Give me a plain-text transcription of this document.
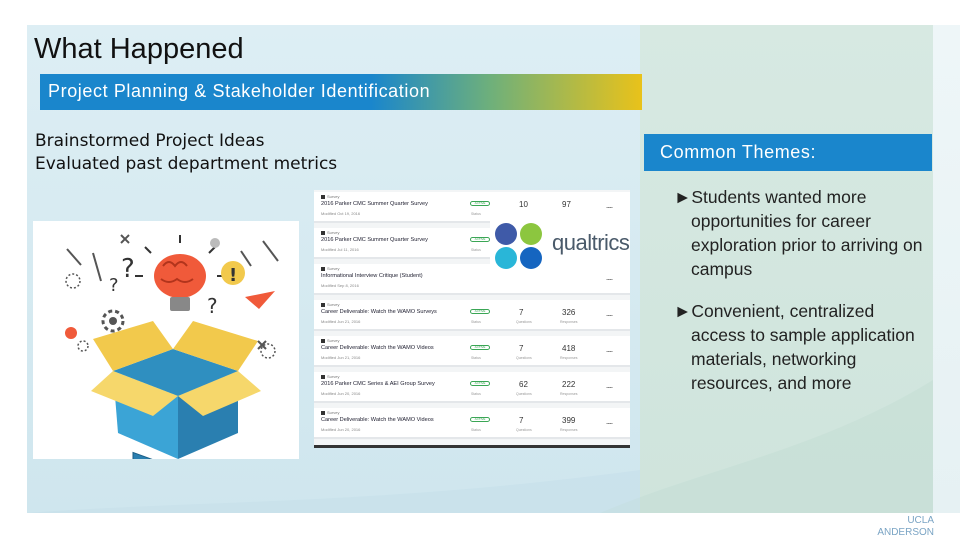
What Happened
Project Planning & Stakeholder Identification
Brainstormed Project Ideas
Evaluated past department metrics
?
?
?
!
Survey
2016 Parker CMC Summer Quarter Survey
Modified Oct 19, 2016
ACTIVE
Status
10	97	.........
Survey
2016 Parker CMC Summer Quarter Survey
Modified Jul 11, 2016
ACTIVE
Status
Survey
Informational Interview Critique (Student)
Modified Sep 8, 2016
.........
Survey
Career Deliverable: Watch the WAMO Surveys
Modified Jun 21, 2016
ACTIVE
Status
7
Questions
326
Responses
.........
Survey
Career Deliverable: Watch the WAMO Videos
Modified Jun 21, 2016
ACTIVE
Status
7
Questions
418
Responses
.........
Survey
2016 Parker CMC Series & AEI Group Survey
Modified Jun 20, 2016
ACTIVE
Status
62
Questions
222
Responses
.........
Survey
Career Deliverable: Watch the WAMO Videos
Modified Jun 20, 2016
ACTIVE
Status
7
Questions
399
Responses
.........
qualtrics
Common Themes:
►Students wanted more opportunities for career exploration prior to arriving on campus
►Convenient, centralized access to sample application materials, networking resources, and more
UCLA
ANDERSON
